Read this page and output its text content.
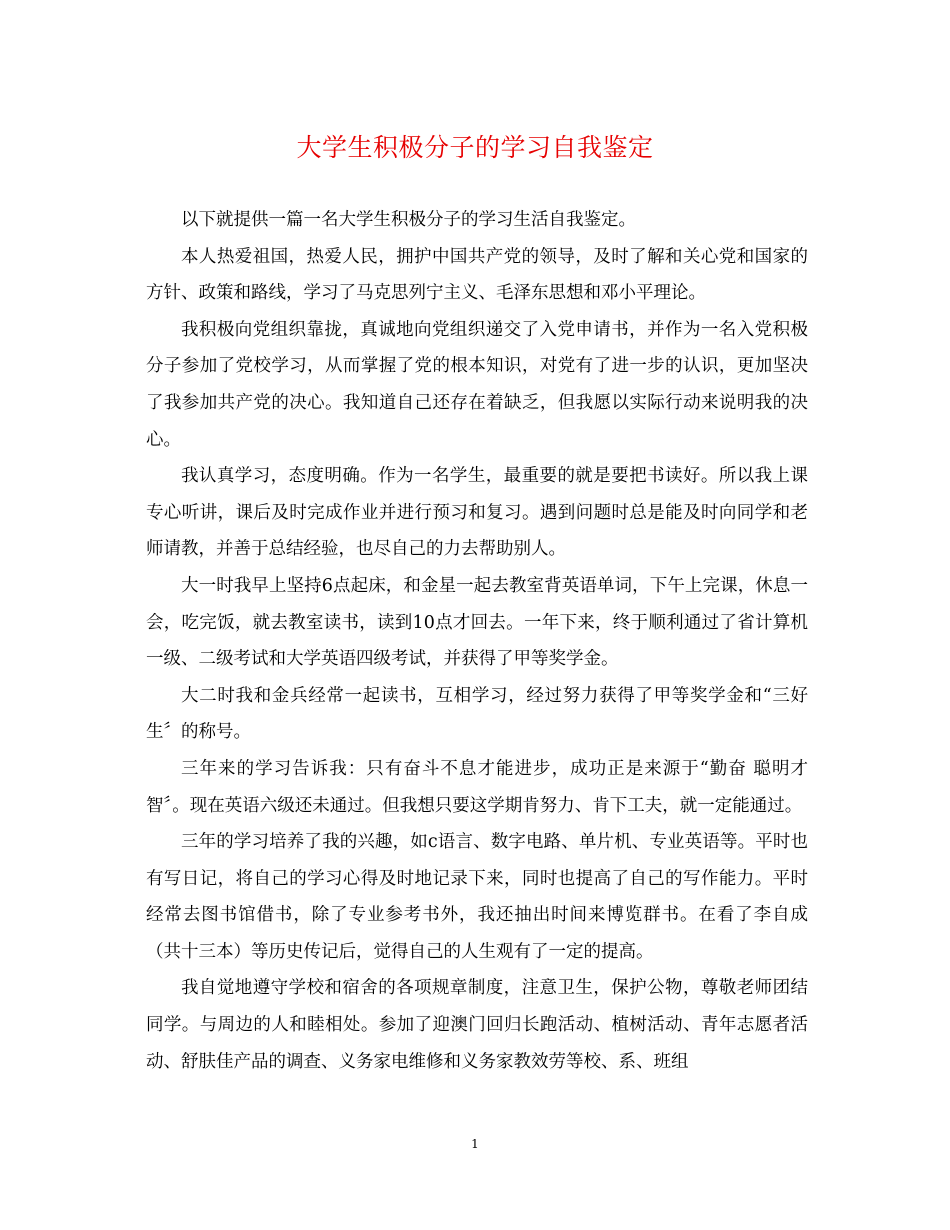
大学生积极分子的学习自我鉴定

以下就提供一篇一名大学生积极分子的学习生活自我鉴定。

本人热爱祖国，热爱人民，拥护中国共产党的领导，及时了解和关心党和国家的方针、政策和路线，学习了马克思列宁主义、毛泽东思想和邓小平理论。

我积极向党组织靠拢，真诚地向党组织递交了入党申请书，并作为一名入党积极分子参加了党校学习，从而掌握了党的根本知识，对党有了进一步的认识，更加坚决了我参加共产党的决心。我知道自己还存在着缺乏，但我愿以实际行动来说明我的决心。

我认真学习，态度明确。作为一名学生，最重要的就是要把书读好。所以我上课专心听讲，课后及时完成作业并进行预习和复习。遇到问题时总是能及时向同学和老师请教，并善于总结经验，也尽自己的力去帮助别人。

大一时我早上坚持6点起床，和金星一起去教室背英语单词，下午上完课，休息一会，吃完饭，就去教室读书，读到10点才回去。一年下来，终于顺利通过了省计算机一级、二级考试和大学英语四级考试，并获得了甲等奖学金。

大二时我和金兵经常一起读书，互相学习，经过努力获得了甲等奖学金和“三好生〞的称号。

三年来的学习告诉我：只有奋斗不息才能进步，成功正是来源于“勤奋 聪明才智〞。现在英语六级还未通过。但我想只要这学期肯努力、肯下工夫，就一定能通过。

三年的学习培养了我的兴趣，如c语言、数字电路、单片机、专业英语等。平时也有写日记，将自己的学习心得及时地记录下来，同时也提高了自己的写作能力。平时经常去图书馆借书，除了专业参考书外，我还抽出时间来博览群书。在看了李自成（共十三本）等历史传记后，觉得自己的人生观有了一定的提高。

我自觉地遵守学校和宿舍的各项规章制度，注意卫生，保护公物，尊敬老师团结同学。与周边的人和睦相处。参加了迎澳门回归长跑活动、植树活动、青年志愿者活动、舒肤佳产品的调查、义务家电维修和义务家教效劳等校、系、班组

1
